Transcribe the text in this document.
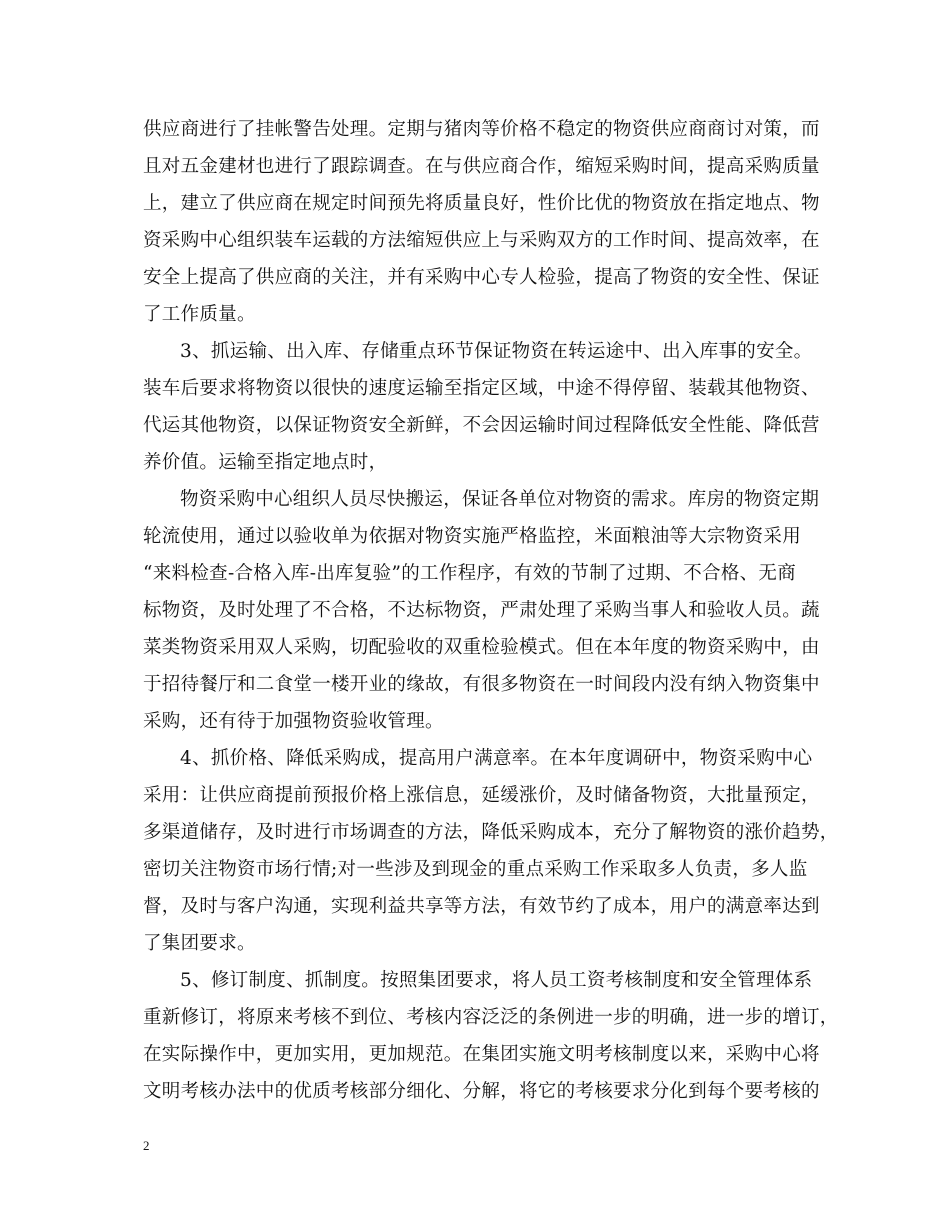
供应商进行了挂帐警告处理。定期与猪肉等价格不稳定的物资供应商商讨对策，而
且对五金建材也进行了跟踪调查。在与供应商合作，缩短采购时间，提高采购质量
上，建立了供应商在规定时间预先将质量良好，性价比优的物资放在指定地点、物
资采购中心组织装车运载的方法缩短供应上与采购双方的工作时间、提高效率，在
安全上提高了供应商的关注，并有采购中心专人检验，提高了物资的安全性、保证
了工作质量。
3、抓运输、出入库、存储重点环节保证物资在转运途中、出入库事的安全。
装车后要求将物资以很快的速度运输至指定区域，中途不得停留、装载其他物资、
代运其他物资，以保证物资安全新鲜，不会因运输时间过程降低安全性能、降低营
养价值。运输至指定地点时，
物资采购中心组织人员尽快搬运，保证各单位对物资的需求。库房的物资定期
轮流使用，通过以验收单为依据对物资实施严格监控，米面粮油等大宗物资采用
“来料检查-合格入库-出库复验”的工作程序，有效的节制了过期、不合格、无商
标物资，及时处理了不合格，不达标物资，严肃处理了采购当事人和验收人员。蔬
菜类物资采用双人采购，切配验收的双重检验模式。但在本年度的物资采购中，由
于招待餐厅和二食堂一楼开业的缘故，有很多物资在一时间段内没有纳入物资集中
采购，还有待于加强物资验收管理。
4、抓价格、降低采购成，提高用户满意率。在本年度调研中，物资采购中心
采用：让供应商提前预报价格上涨信息，延缓涨价，及时储备物资，大批量预定，
多渠道储存，及时进行市场调查的方法，降低采购成本，充分了解物资的涨价趋势，
密切关注物资市场行情;对一些涉及到现金的重点采购工作采取多人负责，多人监
督，及时与客户沟通，实现利益共享等方法，有效节约了成本，用户的满意率达到
了集团要求。
5、修订制度、抓制度。按照集团要求，将人员工资考核制度和安全管理体系
重新修订，将原来考核不到位、考核内容泛泛的条例进一步的明确，进一步的增订，
在实际操作中，更加实用，更加规范。在集团实施文明考核制度以来，采购中心将
文明考核办法中的优质考核部分细化、分解，将它的考核要求分化到每个要考核的
2
